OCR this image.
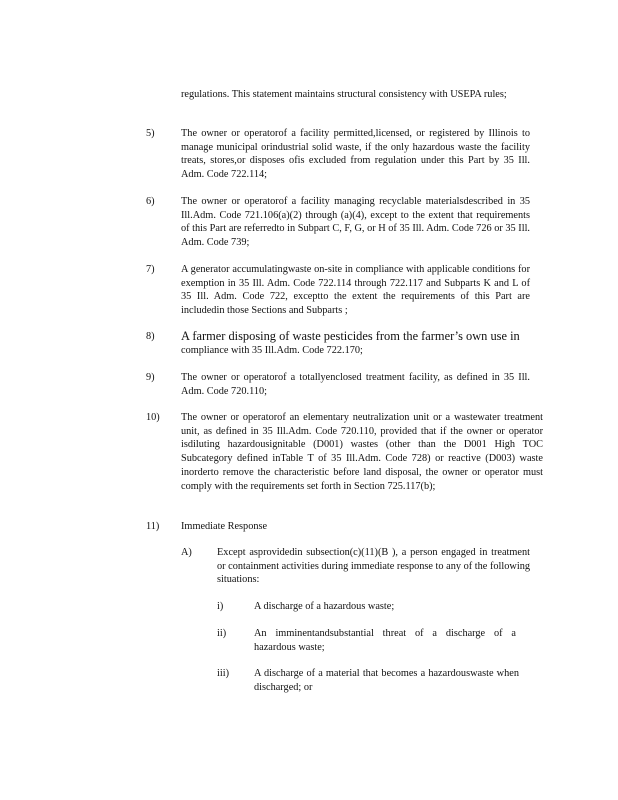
regulations. This statement maintains structural consistency with USEPA rules;

5)	The owner or operatorof a facility permitted,licensed, or registered by Illinois to manage municipal orindustrial solid waste, if the only hazardous waste the facility treats, stores,or disposes ofis excluded from regulation under this Part by 35 Ill. Adm. Code 722.114;

6)	The owner or operatorof a facility managing recyclable materialsdescribed in 35 Ill.Adm. Code 721.106(a)(2) through (a)(4), except to the extent that requirements of this Part are referredto in Subpart C, F, G, or H of 35 Ill. Adm. Code 726 or 35 Ill. Adm. Code 739;

7)	A generator accumulatingwaste on-site in compliance with applicable conditions for exemption in 35 Ill. Adm. Code 722.114 through 722.117 and Subparts K and L of 35 Ill. Adm. Code 722, exceptto the extent the requirements of this Part are includedin those Sections and Subparts ;

8) A farmer disposing of waste pesticides from the farmer’s own use in

compliance with 35 Ill.Adm. Code 722.170;

9)	The owner or operatorof a totallyenclosed treatment facility, as defined in 35 Ill. Adm. Code 720.110;

10) The owner or operatorof an elementary neutralization unit or a wastewater treatment unit, as defined in 35 Ill.Adm. Code 720.110, provided that if the owner or operator isdiluting hazardousignitable (D001) wastes (other than the D001 High TOC Subcategory defined inTable T of 35 Ill.Adm. Code 728) or reactive (D003) waste inorderto remove the characteristic before land disposal, the owner or operator must comply with the requirements set forth in Section 725.117(b);

11) Immediate Response

A) Except asprovidedin subsection(c)(11)(B ), a person engaged in treatment or containment activities during immediate response to any of the following situations:

i)	A discharge of a hazardous waste;

ii)	An imminentandsubstantial threat of a discharge of a hazardous waste;

iii) A discharge of a material that becomes a hazardouswaste when discharged; or
